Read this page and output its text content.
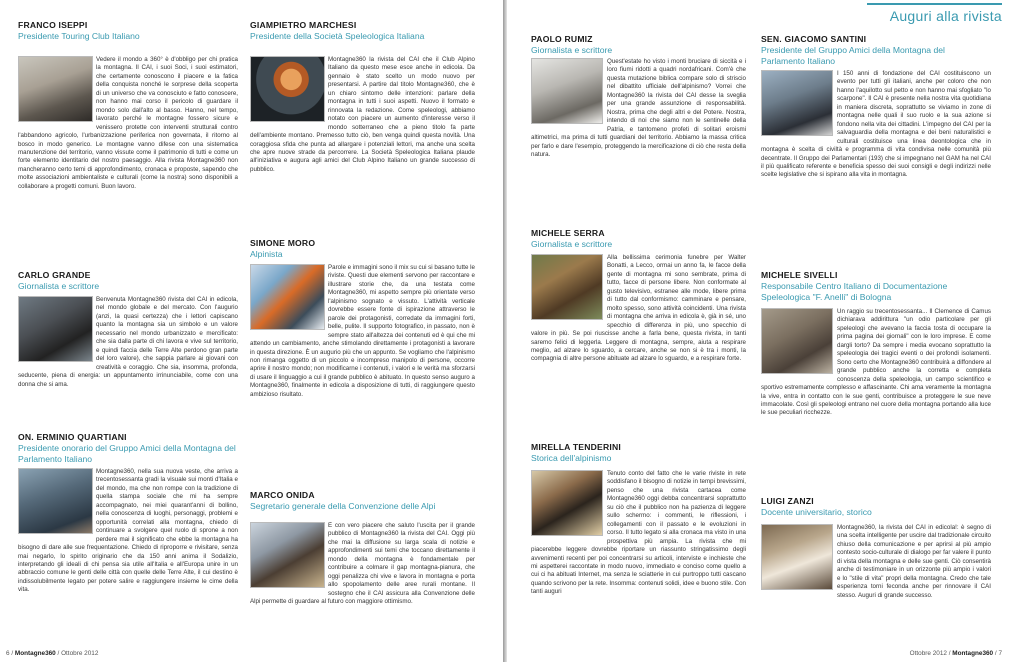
FRANCO ISEPPI
Presidente Touring Club Italiano
Vedere il mondo a 360° è d'obbligo per chi pratica la montagna. Il CAI, i suoi Soci, i suoi estimatori, che certamente conoscono il piacere e la fatica della conquista nonché le sorprese della scoperta di un universo che va conosciuto e fatto conoscere, non hanno mai corso il pericolo di guardare il mondo solo dall'alto al basso. Hanno, nel tempo, lavorato perché le montagne fossero sicure e venissero protette con interventi strutturali contro l'abbandono agricolo, l'urbanizzazione periferica non governata, il ritorno al bosco in modo generico. Le montagne vanno difese con una sistematica manutenzione del territorio, vanno vissute come il patrimonio di tutti e come un forte elemento identitario del nostro paesaggio. Alla rivista Montagne360 non mancheranno certo temi di approfondimento, cronaca e proposte, sapendo che molte associazioni ambientaliste e culturali (come la nostra) sono disponibili a collaborare a progetti comuni. Buon lavoro.
CARLO GRANDE
Giornalista e scrittore
Benvenuta Montagne360 rivista del CAI in edicola, nel mondo globale e del mercato. Con l'augurio (anzi, la quasi certezza) che i lettori capiscano quanto la montagna sia un simbolo e un valore necessario nel mondo urbanizzato e mercificato: che sia dalla parte di chi lavora e vive sul territorio, e quindi faccia delle Terre Alte perdono gran parte del loro valore), che sappia parlare ai giovani con creatività e coraggio. Che sia, insomma, profonda, seducente, piena di energia: un appuntamento irrinunciabile, come con una donna che si ama.
ON. ERMINIO QUARTIANI
Presidente onorario del Gruppo Amici della Montagna del Parlamento Italiano
Montagne360, nella sua nuova veste, che arriva a trecentosessanta gradi la visuale sui monti d'Italia e del mondo, ma che non rompe con la tradizione di quella stampa sociale che mi ha sempre accompagnato, nei miei quarant'anni di bollino, nella conoscenza di luoghi, personaggi, problemi e opportunità correlati alla montagna, chiedo di continuare a svolgere quel ruolo di sprone a non perdere mai il significato che ebbe la montagna ha bisogno di dare alle sue frequentazione. Chiedo di riproporre e rivisitare, senza mai negarlo, lo spirito originario che da 150 anni anima il Sodalizio, interpretando gli ideali di chi pensa sia utile all'Italia e all'Europa unire in un abbraccio comune le genti delle città con quelle delle Terre Alte, il cui destino è indissolubilmente legato per potere salire e raggiungere insieme le cime della vita.
GIAMPIETRO MARCHESI
Presidente della Società Speleologica Italiana
Montagne360 la rivista del CAI che il Club Alpino Italiano da questo mese esce anche in edicola. Da gennaio è stato scelto un modo nuovo per presentarsi. A partire dal titolo Montagne360, che è un chiaro sintomo delle intenzioni: parlare della montagna in tutti i suoi aspetti. Nuovo il formato e rinnovata la redazione. Come speleologi, abbiamo notato con piacere un aumento d'interesse verso il mondo sotterraneo che a pieno titolo fa parte dell'ambiente montano. Premesso tutto ciò, ben venga quindi questa novità. Una coraggiosa sfida che punta ad allargare i potenziali lettori, ma anche una scelta che apre nuove strade da percorrere. La Società Speleologica Italiana plaude all'iniziativa e augura agli amici del Club Alpino Italiano un grande successo di pubblico.
SIMONE MORO
Alpinista
Parole e immagini sono il mix su cui si basano tutte le riviste. Questi due elementi servono per raccontare e illustrare storie che, da una testata come Montagne360, mi aspetto sempre più orientate verso l'alpinismo sognato e vissuto. L'attività verticale dovrebbe essere fonte di ispirazione attraverso le parole dei protagonisti, corredate da immagini forti, belle, pulite. Il supporto fotografico, in passato, non è sempre stato all'altezza dei contenuti ed è qui che mi attendo un cambiamento, anche stimolando direttamente i protagonisti a lavorare in questa direzione. È un augurio più che un appunto. Se vogliamo che l'alpinismo non rimanga oggetto di un piccolo e incompreso manipolo di persone, occorre aprire il nostro mondo; non modificarne i contenuti, i valori e le verità ma sforzarsi di usare il linguaggio a cui il grande pubblico è abituato. In questo senso auguro a Montagne360, finalmente in edicola a disposizione di tutti, di raggiungere questo ambizioso risultato.
MARCO ONIDA
Segretario generale della Convenzione delle Alpi
È con vero piacere che saluto l'uscita per il grande pubblico di Montagne360 la rivista del CAI. Oggi più che mai la diffusione su larga scala di notizie e approfondimenti sui temi che toccano direttamente il mondo della montagna è fondamentale per contribuire a colmare il gap montagna-pianura, che oggi penalizza chi vive e lavora in montagna e porta allo spopolamento delle aree rurali montane. Il sostegno che il CAI assicura alla Convenzione delle Alpi permette di guardare al futuro con maggiore ottimismo.
6 / Montagne360 / Ottobre 2012
Auguri alla rivista
PAOLO RUMIZ
Giornalista e scrittore
Quest'estate ho visto i monti bruciare di siccità e i loro fiumi ridotti a quadri nordafricani. Com'è che questa mutazione biblica compare solo di striscio nel dibattito ufficiale dell'alpinismo? Vorrei che Montagne360 la rivista del CAI desse la sveglia per una grande assunzione di responsabilità. Nostra, prima che degli altri e del Potere. Nostra, intendo di noi che siamo non le sentinelle della Patria, e tantomeno profeti di solitari eroismi altimetrici, ma prima di tutti guardiani del territorio. Abbiamo la massa critica per farlo e dare l'esempio, proteggendo la mercificazione di ciò che resta della natura.
MICHELE SERRA
Giornalista e scrittore
Alla bellissima cerimonia funebre per Walter Bonatti, a Lecco, ormai un anno fa, le facce della gente di montagna mi sono sembrate, prima di tutto, facce di persone libere. Non conformate al gusto televisivo, estranee alle mode, libere prima di tutto dal conformismo: camminare e pensare, molto spesso, sono attività coincidenti. Una rivista di montagna che arriva in edicola è, già in sé, uno specchio di differenza in più, uno specchio di valore in più. Se poi riuscisse anche a farla bene, questa rivista, in tanti saremo felici di leggerla. Leggere di montagna, sempre, aiuta a respirare meglio, ad alzare lo sguardo, a cercare, anche se non si è tra i monti, la compagnia di altre persone abituate ad alzare lo sguardo, e a respirare forte.
MIRELLA TENDERINI
Storica dell'alpinismo
Tenuto conto del fatto che le varie riviste in rete soddisfano il bisogno di notizie in tempi brevissimi, penso che una rivista cartacea come Montagne360 oggi debba concentrarsi soprattutto su ciò che il pubblico non ha pazienza di leggere sullo schermo: i commenti, le riflessioni, i collegamenti con il passato e le evoluzioni in corso. Il tutto legato si alla cronaca ma visto in una prospettiva più ampia. La rivista che mi piacerebbe leggere dovrebbe riportare un riassunto stringatissimo degli avvenimenti recenti per poi concentrarsi su articoli, interviste e inchieste che mi aspetterei raccontate in modo nuovo, immediato e conciso come quello a cui ci ha abituati Internet, ma senza le sciatterie in cui purtroppo tutti cascano quando scrivono per la rete. Insomma: contenuti solidi, idee e buono stile. Con tanti auguri
SEN. GIACOMO SANTINI
Presidente del Gruppo Amici della Montagna del Parlamento Italiano
I 150 anni di fondazione del CAI costituiscono un evento per tutti gli italiani, anche per coloro che non hanno l'aquilotto sul petto e non hanno mai sfogliato "lo scarpone". Il CAI è presente nella nostra vita quotidiana in maniera discreta, soprattutto se viviamo in zone di montagna nelle quali il suo ruolo e la sua azione si fondono nella vita dei cittadini. L'impegno del CAI per la salvaguardia della montagna e dei beni naturalistici e culturali costituisce una linea deontologica che in montagna è scelta di civiltà e programma di vita condivisa nelle comunità più decentrate. Il Gruppo dei Parlamentari (193) che si impegnano nel GAM ha nel CAI il più qualificato referente e beneficia spesso dei suoi consigli e degli indirizzi nelle scelte legislative che si ispirano alla vita in montagna.
MICHELE SIVELLI
Responsabile Centro Italiano di Documentazione Speleologica "F. Anelli" di Bologna
Un raggio su trecentosessanta... Il Clemence di Camus dichiarava addirittura "un odio particolare per gli speleologi che avevano la faccia tosta di occupare la prima pagina dei giornali" con le loro imprese. E come dargli torto? Da sempre i media evocano soprattutto la speleologia dei tragici eventi o dei profondi isolamenti. Sono certo che Montagne360 contribuirà a diffondere al grande pubblico anche la corretta e completa conoscenza della speleologia, un campo scientifico e sportivo estremamente complesso e affascinante. Chi ama veramente la montagna la vive, entra in contatto con le sue genti, contribuisce a proteggere le sue neve immacolate. Così gli speleologi entrano nel cuore della montagna portando alla luce le sue peculiari ricchezze.
LUIGI ZANZI
Docente universitario, storico
Montagne360, la rivista del CAI in edicola!: è segno di una scelta intelligente per uscire dal tradizionale circuito chiuso della comunicazione e per aprirsi al più ampio contesto socio-culturale di dialogo per far valere il punto di vista della montagna e delle sue genti. Ciò consentirà anche di testimoniare in un orizzonte più ampio i valori e lo "stile di vita" propri della montagna. Credo che tale esperienza torni feconda anche per rinnovare il CAI stesso. Auguri di grande successo.
Ottobre 2012 / Montagne360 / 7
